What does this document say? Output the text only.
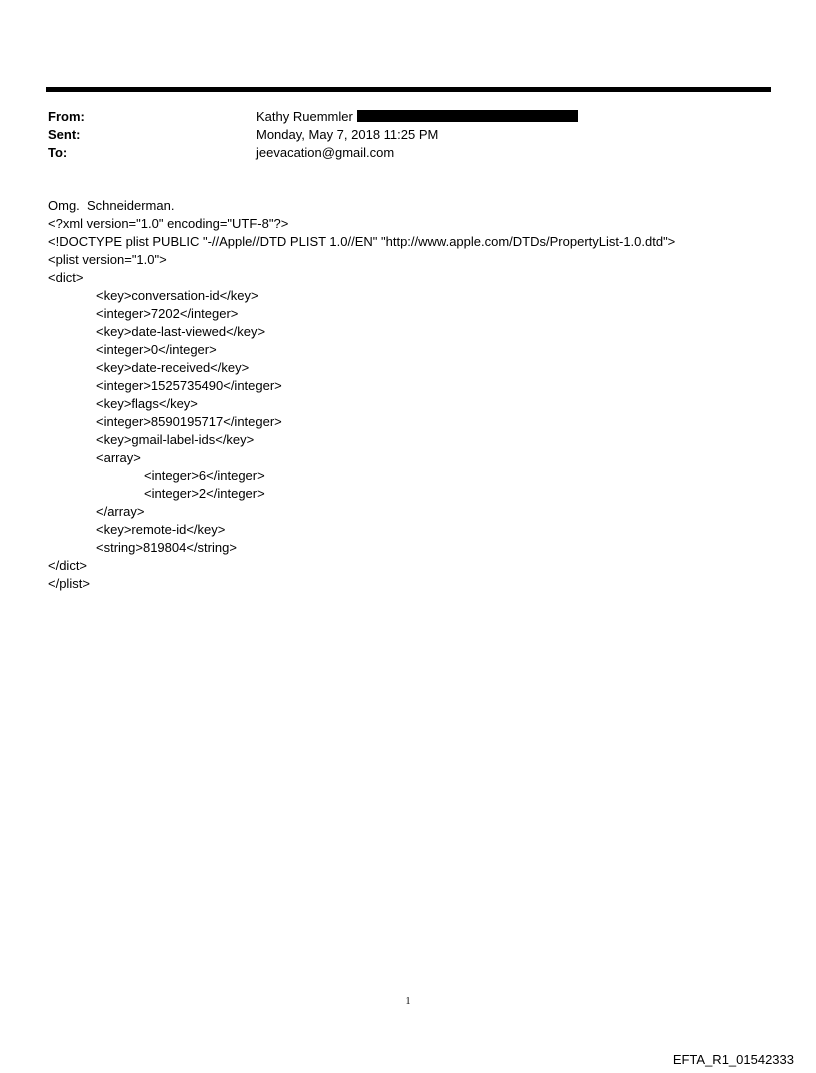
From:	Kathy Ruemmler
Sent:	Monday, May 7, 2018 11:25 PM
To:	jeevacation@gmail.com
Omg.  Schneiderman.
<?xml version="1.0" encoding="UTF-8"?>
<!DOCTYPE plist PUBLIC "-//Apple//DTD PLIST 1.0//EN" "http://www.apple.com/DTDs/PropertyList-1.0.dtd">
<plist version="1.0">
<dict>
<key>conversation-id</key>
<integer>7202</integer>
<key>date-last-viewed</key>
<integer>0</integer>
<key>date-received</key>
<integer>1525735490</integer>
<key>flags</key>
<integer>8590195717</integer>
<key>gmail-label-ids</key>
<array>
<integer>6</integer>
<integer>2</integer>
</array>
<key>remote-id</key>
<string>819804</string>
</dict>
</plist>
1
EFTA_R1_01542333
